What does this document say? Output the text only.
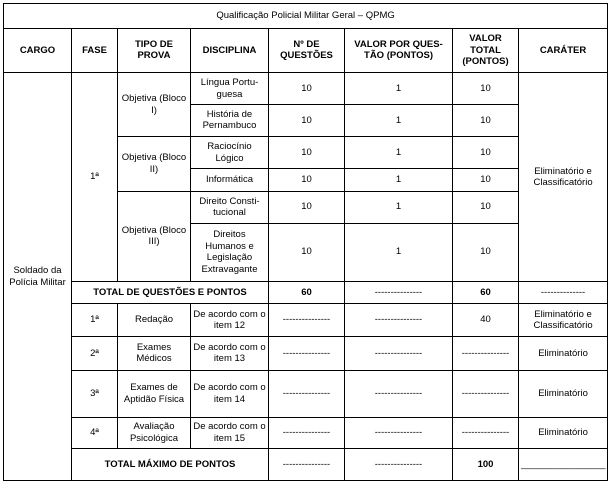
Qualificação Policial Militar Geral – QPMG							
CARGO	FASE	TIPO DE PROVA	DISCIPLINA	Nº DE QUESTÕES	VALOR POR QUES-TÃO (PONTOS)	VALOR TOTAL (PONTOS)	CARÁTER
Soldado da Polícia Militar	1ª	Objetiva (Bloco I)	Língua Portu-guesa	10	1	10	Eliminatório e Classificatório
			História de Pernambuco	10	1	10	
		Objetiva (Bloco II)	Raciocínio Lógico	10	1	10	
			Informática	10	1	10	
		Objetiva (Bloco III)	Direito Consti-tucional	10	1	10	
			Direitos Humanos e Legislação Extravagante	10	1	10	
	TOTAL DE QUESTÕES E PONTOS			60	---------------	60	--------------
	1ª	Redação	De acordo com o item 12	---------------	---------------	40	Eliminatório e Classificatório
	2ª	Exames Médicos	De acordo com o item 13	---------------	---------------	---------------	Eliminatório
	3ª	Exames de Aptidão Física	De acordo com o item 14	---------------	---------------	---------------	Eliminatório
	4ª	Avaliação Psicológica	De acordo com o item 15	---------------	---------------	---------------	Eliminatório
	TOTAL MÁXIMO DE PONTOS			---------------	---------------	100	________________
